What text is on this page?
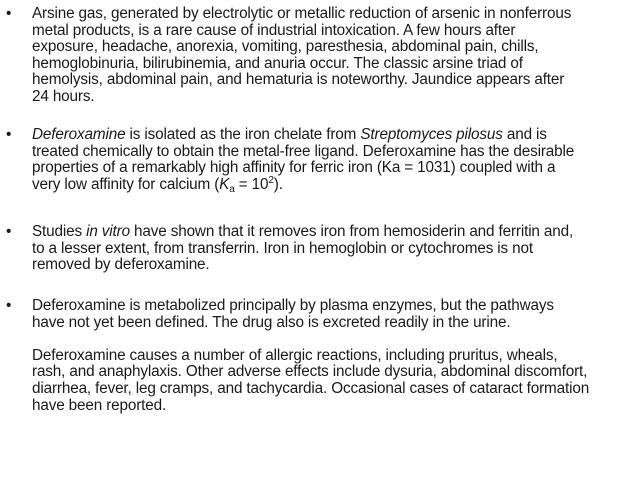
•	Arsine gas, generated by electrolytic or metallic reduction of arsenic in nonferrous
metal products, is a rare cause of industrial intoxication. A few hours after
exposure, headache, anorexia, vomiting, paresthesia, abdominal pain, chills,
hemoglobinuria, bilirubinemia, and anuria occur. The classic arsine triad of
hemolysis, abdominal pain, and hematuria is noteworthy. Jaundice appears after
24 hours.
•	Deferoxamine is isolated as the iron chelate from Streptomyces pilosus and is
treated chemically to obtain the metal-free ligand. Deferoxamine has the desirable
properties of a remarkably high affinity for ferric iron (Ka = 1031) coupled with a
very low affinity for calcium $(K_a = 10^2)$.
•	Studies in vitro have shown that it removes iron from hemosiderin and ferritin and,
to a lesser extent, from transferrin. Iron in hemoglobin or cytochromes is not
removed by deferoxamine.
•	Deferoxamine is metabolized principally by plasma enzymes, but the pathways
have not yet been defined. The drug also is excreted readily in the urine.
Deferoxamine causes a number of allergic reactions, including pruritus, wheals,
rash, and anaphylaxis. Other adverse effects include dysuria, abdominal discomfort,
diarrhea, fever, leg cramps, and tachycardia. Occasional cases of cataract formation
have been reported.
